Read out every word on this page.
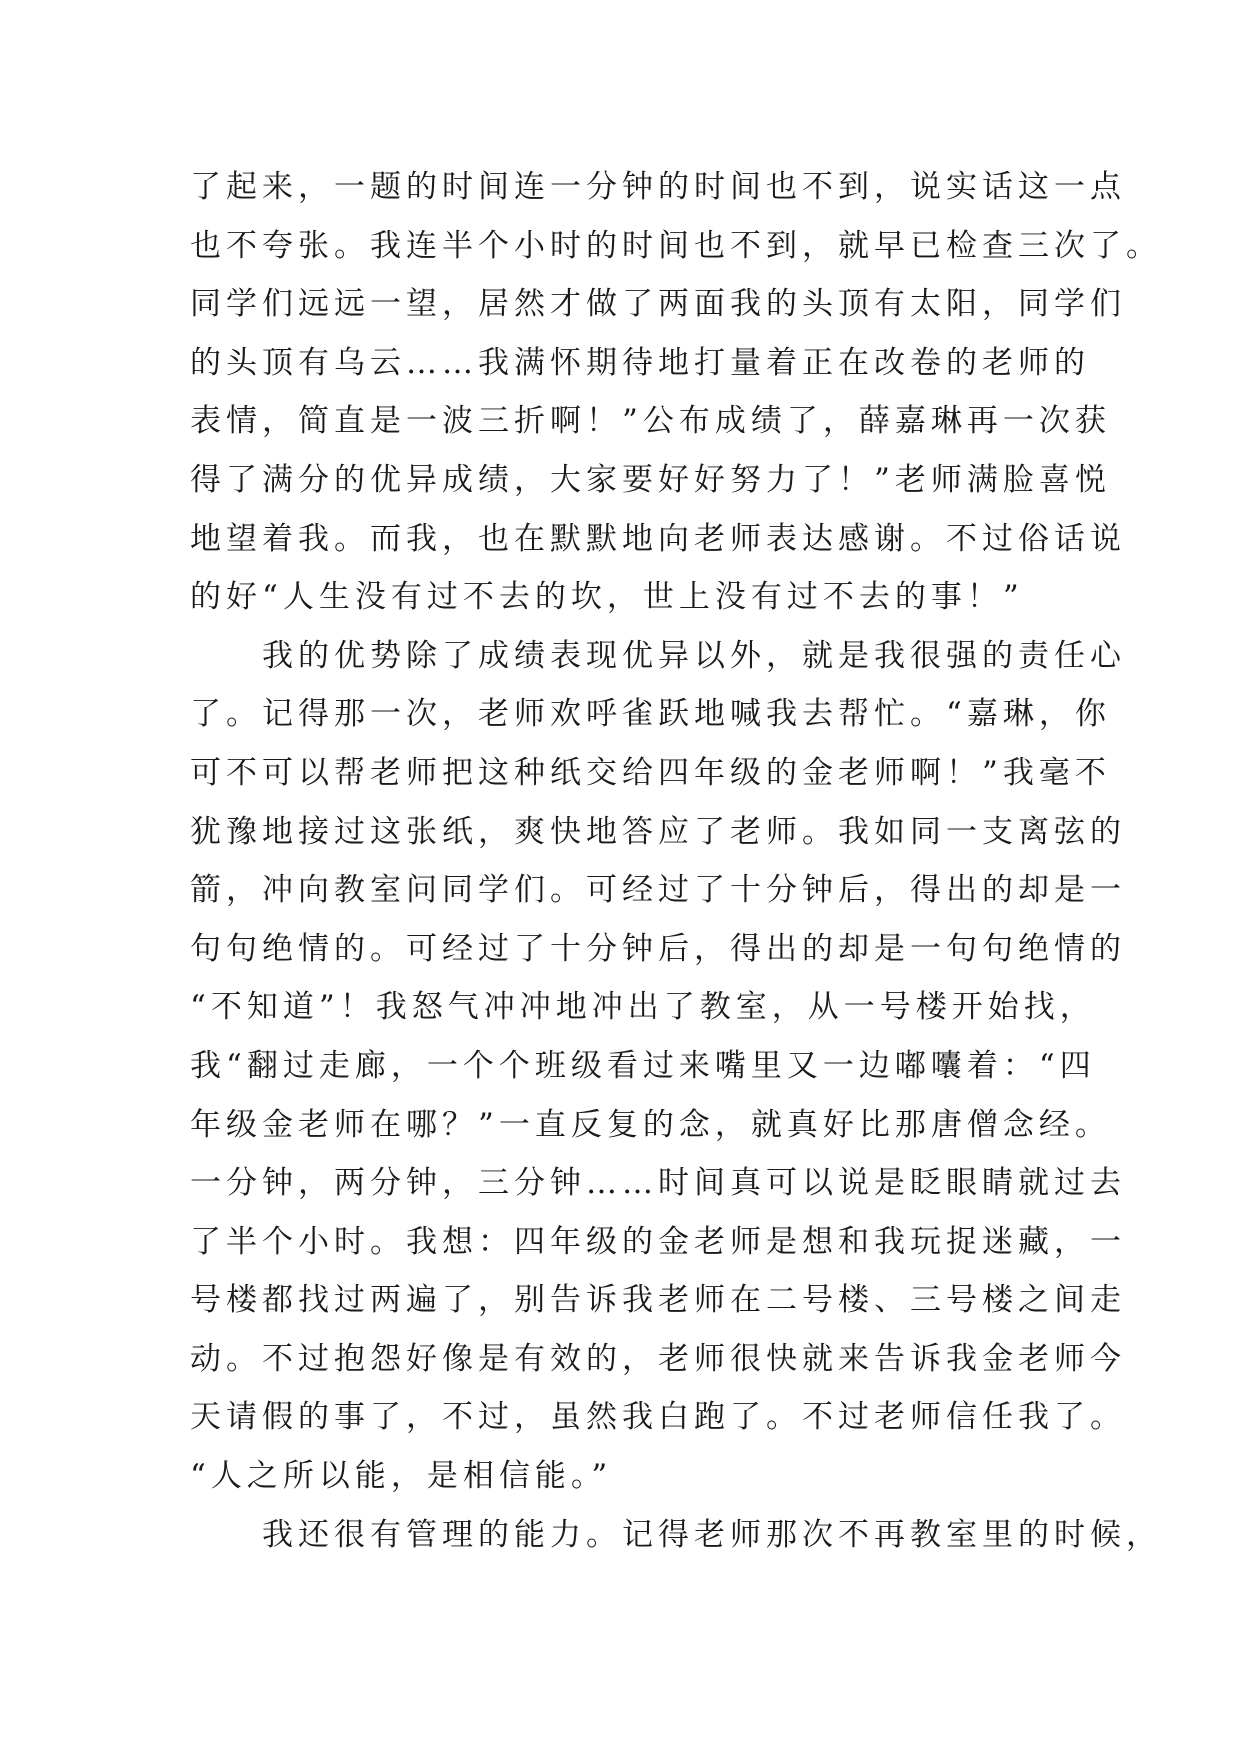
了起来，一题的时间连一分钟的时间也不到，说实话这一点
也不夸张。我连半个小时的时间也不到，就早已检查三次了。
同学们远远一望，居然才做了两面我的头顶有太阳，同学们
的头顶有乌云……我满怀期待地打量着正在改卷的老师的
表情，简直是一波三折啊！”公布成绩了，薛嘉琳再一次获
得了满分的优异成绩，大家要好好努力了！”老师满脸喜悦
地望着我。而我，也在默默地向老师表达感谢。不过俗话说
的好“人生没有过不去的坎，世上没有过不去的事！”
　　我的优势除了成绩表现优异以外，就是我很强的责任心
了。记得那一次，老师欢呼雀跃地喊我去帮忙。“嘉琳，你
可不可以帮老师把这种纸交给四年级的金老师啊！”我毫不
犹豫地接过这张纸，爽快地答应了老师。我如同一支离弦的
箭，冲向教室问同学们。可经过了十分钟后，得出的却是一
句句绝情的。可经过了十分钟后，得出的却是一句句绝情的
“不知道”！我怒气冲冲地冲出了教室，从一号楼开始找，
我“翻过走廊，一个个班级看过来嘴里又一边嘟囔着：“四
年级金老师在哪？”一直反复的念，就真好比那唐僧念经。
一分钟，两分钟，三分钟……时间真可以说是眨眼睛就过去
了半个小时。我想：四年级的金老师是想和我玩捉迷藏，一
号楼都找过两遍了，别告诉我老师在二号楼、三号楼之间走
动。不过抱怨好像是有效的，老师很快就来告诉我金老师今
天请假的事了，不过，虽然我白跑了。不过老师信任我了。
“人之所以能，是相信能。”
　　我还很有管理的能力。记得老师那次不再教室里的时候，
